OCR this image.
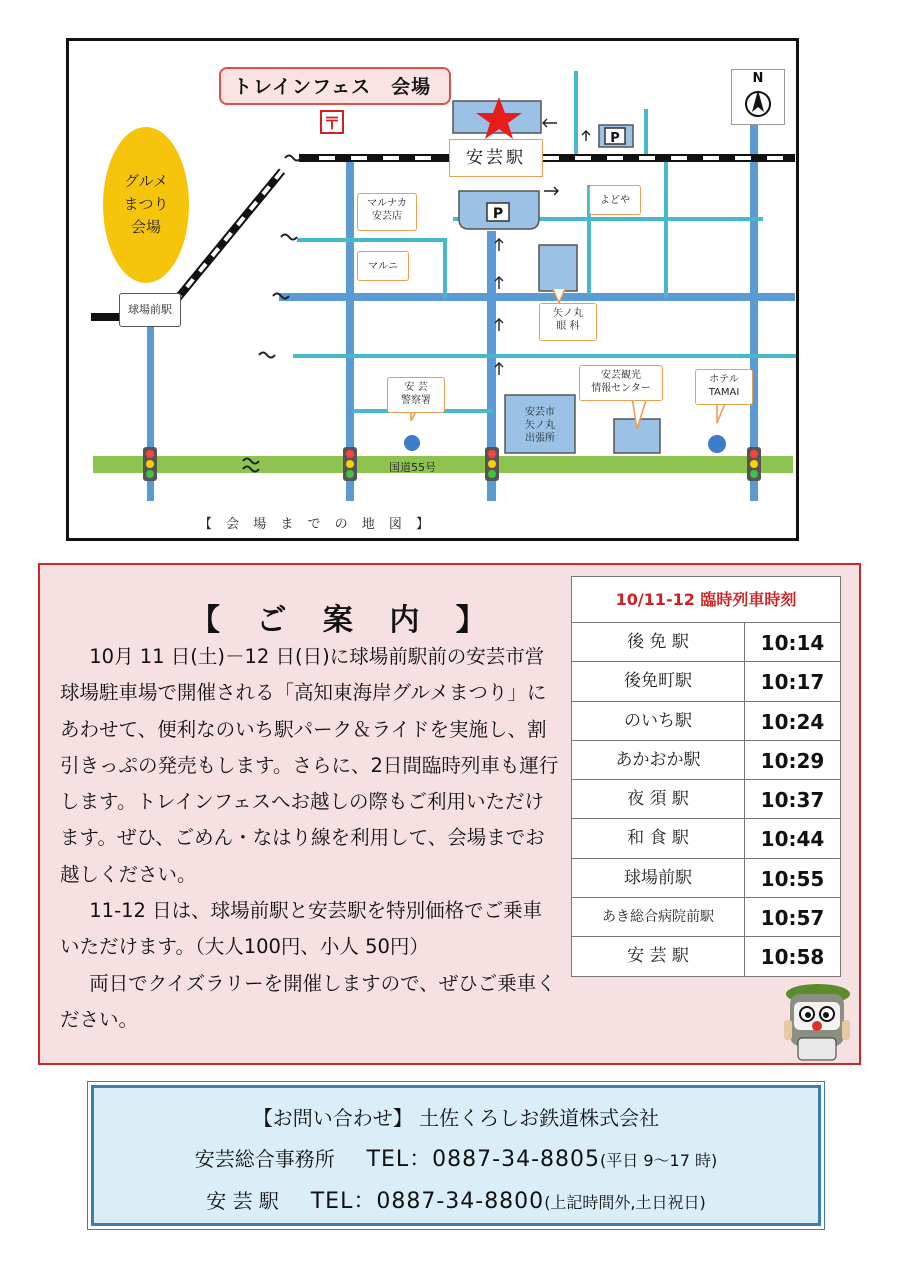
P
P
〒
トレインフェス　会場
安芸駅
グルメ
まつり
会場
球場前駅
マルナカ
安芸店
マルニ
よどや
矢ノ丸
眼 科
安 芸
警察署
安芸市
矢ノ丸
出張所
安芸観光
情報センター
ホテル
TAMAI
国道55号
【 会 場 ま で の 地 図 】
N
【 ご 案 内 】

10月 11 日(土)－12 日(日)に球場前駅前の安芸市営球場駐車場で開催される「高知東海岸グルメまつり」にあわせて、便利なのいち駅パーク＆ライドを実施し、割引きっぷの発売もします。さらに、2日間臨時列車も運行します。トレインフェスへお越しの際もご利用いただけます。ぜひ、ごめん・なはり線を利用して、会場までお越しください。

11-12 日は、球場前駅と安芸駅を特別価格でご乗車いただけます。（大人100円、小人 50円）

両日でクイズラリーを開催しますので、ぜひご乗車ください。

10/11-12 臨時列車時刻
後 免 駅	10:14
後免町駅	10:17
のいち駅	10:24
あかおか駅	10:29
夜 須 駅	10:37
和 食 駅	10:44
球場前駅	10:55
あき総合病院前駅	10:57
安 芸 駅	10:58
【お問い合わせ】 土佐くろしお鉄道株式会社
安芸総合事務所 TEL：0887-34-8805(平日 9～17 時)
安 芸 駅 TEL：0887-34-8800(上記時間外,土日祝日)
